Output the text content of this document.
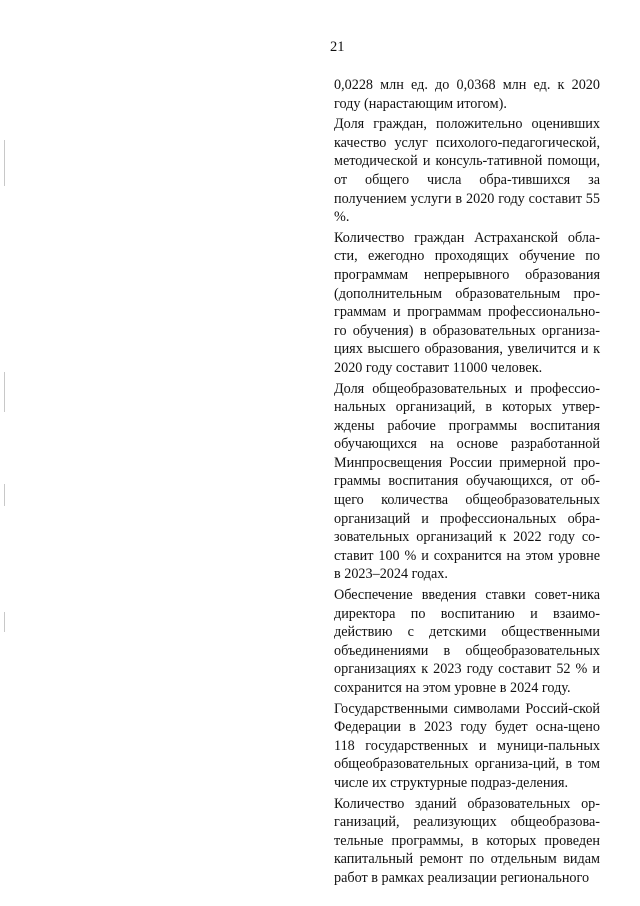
21

0,0228 млн ед. до 0,0368 млн ед. к 2020 году (нарастающим итогом).

Доля граждан, положительно оценивших качество услуг психолого-педагогической, методической и консуль-тативной помощи, от общего числа обра-тившихся за получением услуги в 2020 году составит 55 %.

Количество граждан Астраханской обла-сти, ежегодно проходящих обучение по программам непрерывного образования (дополнительным образовательным про-граммам и программам профессионально-го обучения) в образовательных организа-циях высшего образования, увеличится и к 2020 году составит 11000 человек.

Доля общеобразовательных и профессио-нальных организаций, в которых утвер-ждены рабочие программы воспитания обучающихся на основе разработанной Минпросвещения России примерной про-граммы воспитания обучающихся, от об-щего количества общеобразовательных организаций и профессиональных обра-зовательных организаций к 2022 году со-ставит 100 % и сохранится на этом уровне в 2023–2024 годах.

Обеспечение введения ставки совет-ника директора по воспитанию и взаимо-действию с детскими общественными объединениями в общеобразовательных организациях к 2023 году составит 52 % и сохранится на этом уровне в 2024 году.

Государственными символами Россий-ской Федерации в 2023 году будет осна-щено 118 государственных и муници-пальных общеобразовательных организа-ций, в том числе их структурные подраз-деления.

Количество зданий образовательных ор-ганизаций, реализующих общеобразова-тельные программы, в которых проведен капитальный ремонт по отдельным видам работ в рамках реализации регионального
